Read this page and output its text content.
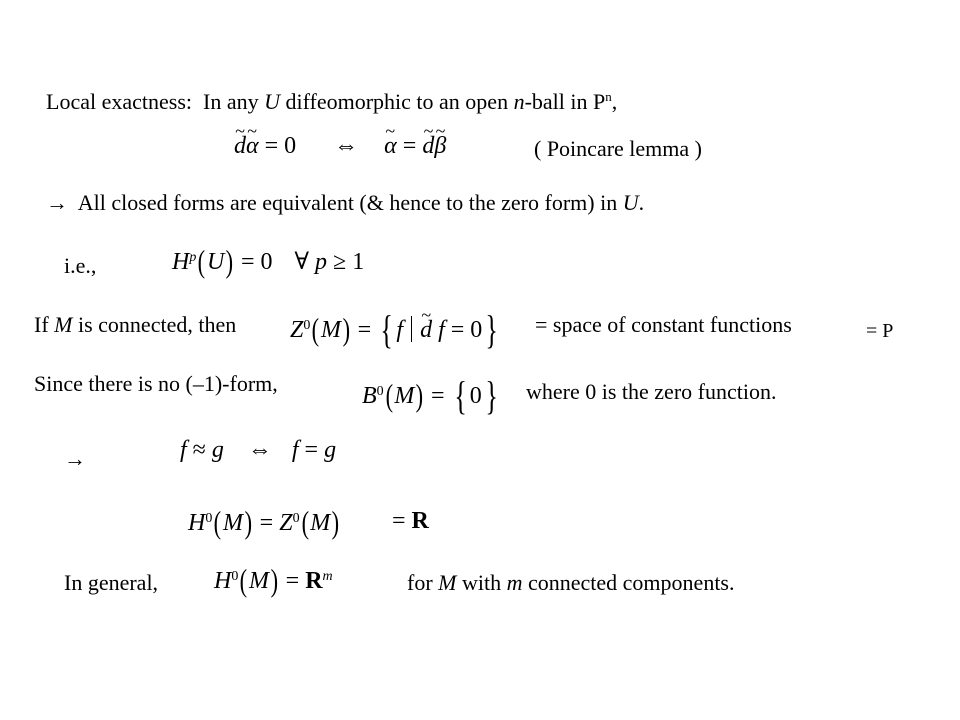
Local exactness: In any U diffeomorphic to an open n-ball in $P^n$,
~ d~ α = 0  ⇔ ~ α = ~ d~ β	( Poincare lemma )
→ All closed forms are equivalent (& hence to the zero form) in U.
i.e.,	$H^p(U) = 0$ ∀ p ≥ 1
If M is connected, then $Z^0(M)$ = { f ~ d f = 0} = space of constant functions	= P
Since there is no (–1)-form,	$B^0(M)$ = { 0} where 0 is the zero function.
→	f ≈ g ⇔ f = g
$H^0(M) = Z^0(M) = R$
In general, $H^0(M) = R^m$	for M with m connected components.
